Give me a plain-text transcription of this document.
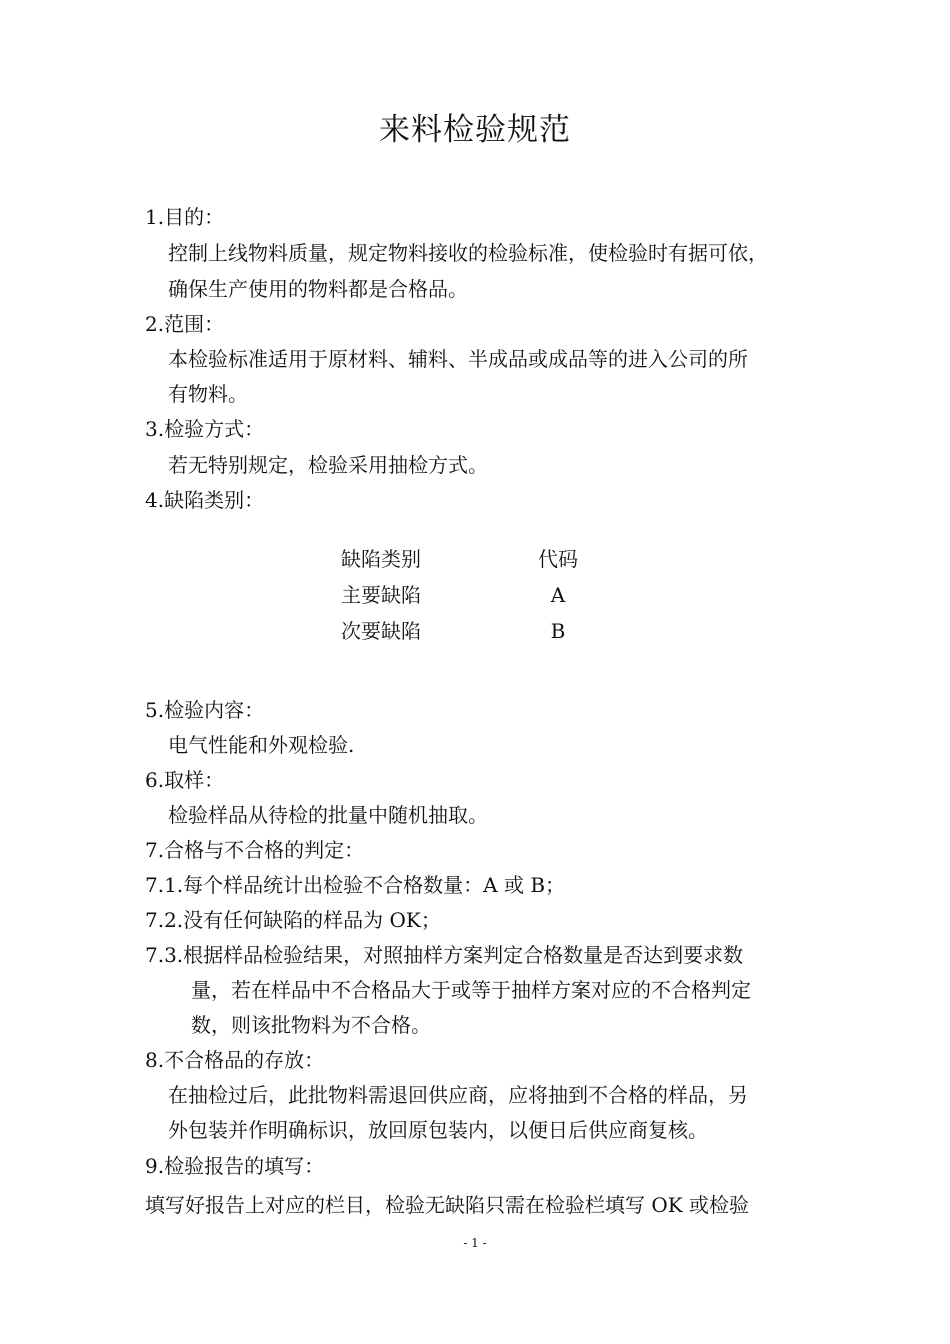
来料检验规范
1.目的：
控制上线物料质量，规定物料接收的检验标准，使检验时有据可依，
确保生产使用的物料都是合格品。
2.范围：
本检验标准适用于原材料、辅料、半成品或成品等的进入公司的所
有物料。
3.检验方式：
若无特别规定，检验采用抽检方式。
4.缺陷类别：
缺陷类别	代码
主要缺陷	A
次要缺陷	B
5.检验内容：
电气性能和外观检验.
6.取样：
检验样品从待检的批量中随机抽取。
7.合格与不合格的判定：
7.1.每个样品统计出检验不合格数量：A 或 B；
7.2.没有任何缺陷的样品为 OK；
7.3.根据样品检验结果，对照抽样方案判定合格数量是否达到要求数
量，若在样品中不合格品大于或等于抽样方案对应的不合格判定
数，则该批物料为不合格。
8.不合格品的存放：
在抽检过后，此批物料需退回供应商，应将抽到不合格的样品，另
外包装并作明确标识，放回原包装内，以便日后供应商复核。
9.检验报告的填写：
填写好报告上对应的栏目，检验无缺陷只需在检验栏填写 OK 或检验
- 1 -
